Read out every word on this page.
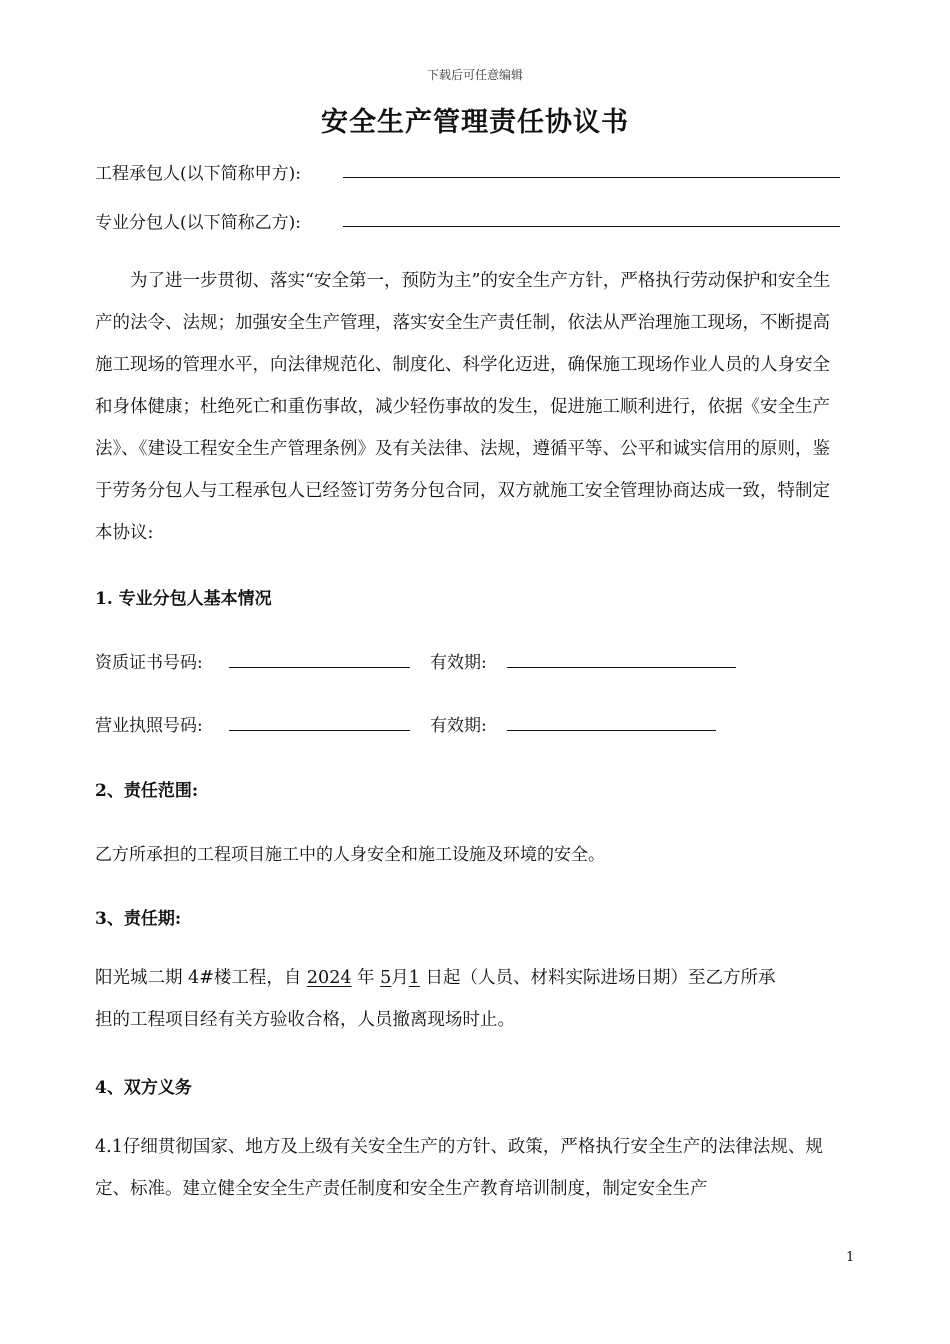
下载后可任意编辑
安全生产管理责任协议书
工程承包人(以下简称甲方):
专业分包人(以下简称乙方):

为了进一步贯彻、落实“安全第一，预防为主”的安全生产方针，严格执行劳动保护和安全生产的法令、法规；加强安全生产管理，落实安全生产责任制，依法从严治理施工现场，不断提高施工现场的管理水平，向法律规范化、制度化、科学化迈进，确保施工现场作业人员的人身安全和身体健康；杜绝死亡和重伤事故，减少轻伤事故的发生，促进施工顺利进行，依据《安全生产法》、《建设工程安全生产管理条例》及有关法律、法规，遵循平等、公平和诚实信用的原则，鉴于劳务分包人与工程承包人已经签订劳务分包合同，双方就施工安全管理协商达成一致，特制定本协议:

1. 专业分包人基本情况
资质证书号码:	有效期:
营业执照号码:	有效期:
2、责任范围:
乙方所承担的工程项目施工中的人身安全和施工设施及环境的安全。
3、责任期:

阳光城二期 4#楼工程，自 2024 年 5月1 日起（人员、材料实际进场日期）至乙方所承

担的工程项目经有关方验收合格，人员撤离现场时止。

4、双方义务

4.1仔细贯彻国家、地方及上级有关安全生产的方针、政策，严格执行安全生产的法律法规、规定、标准。建立健全安全生产责任制度和安全生产教育培训制度，制定安全生产

1
